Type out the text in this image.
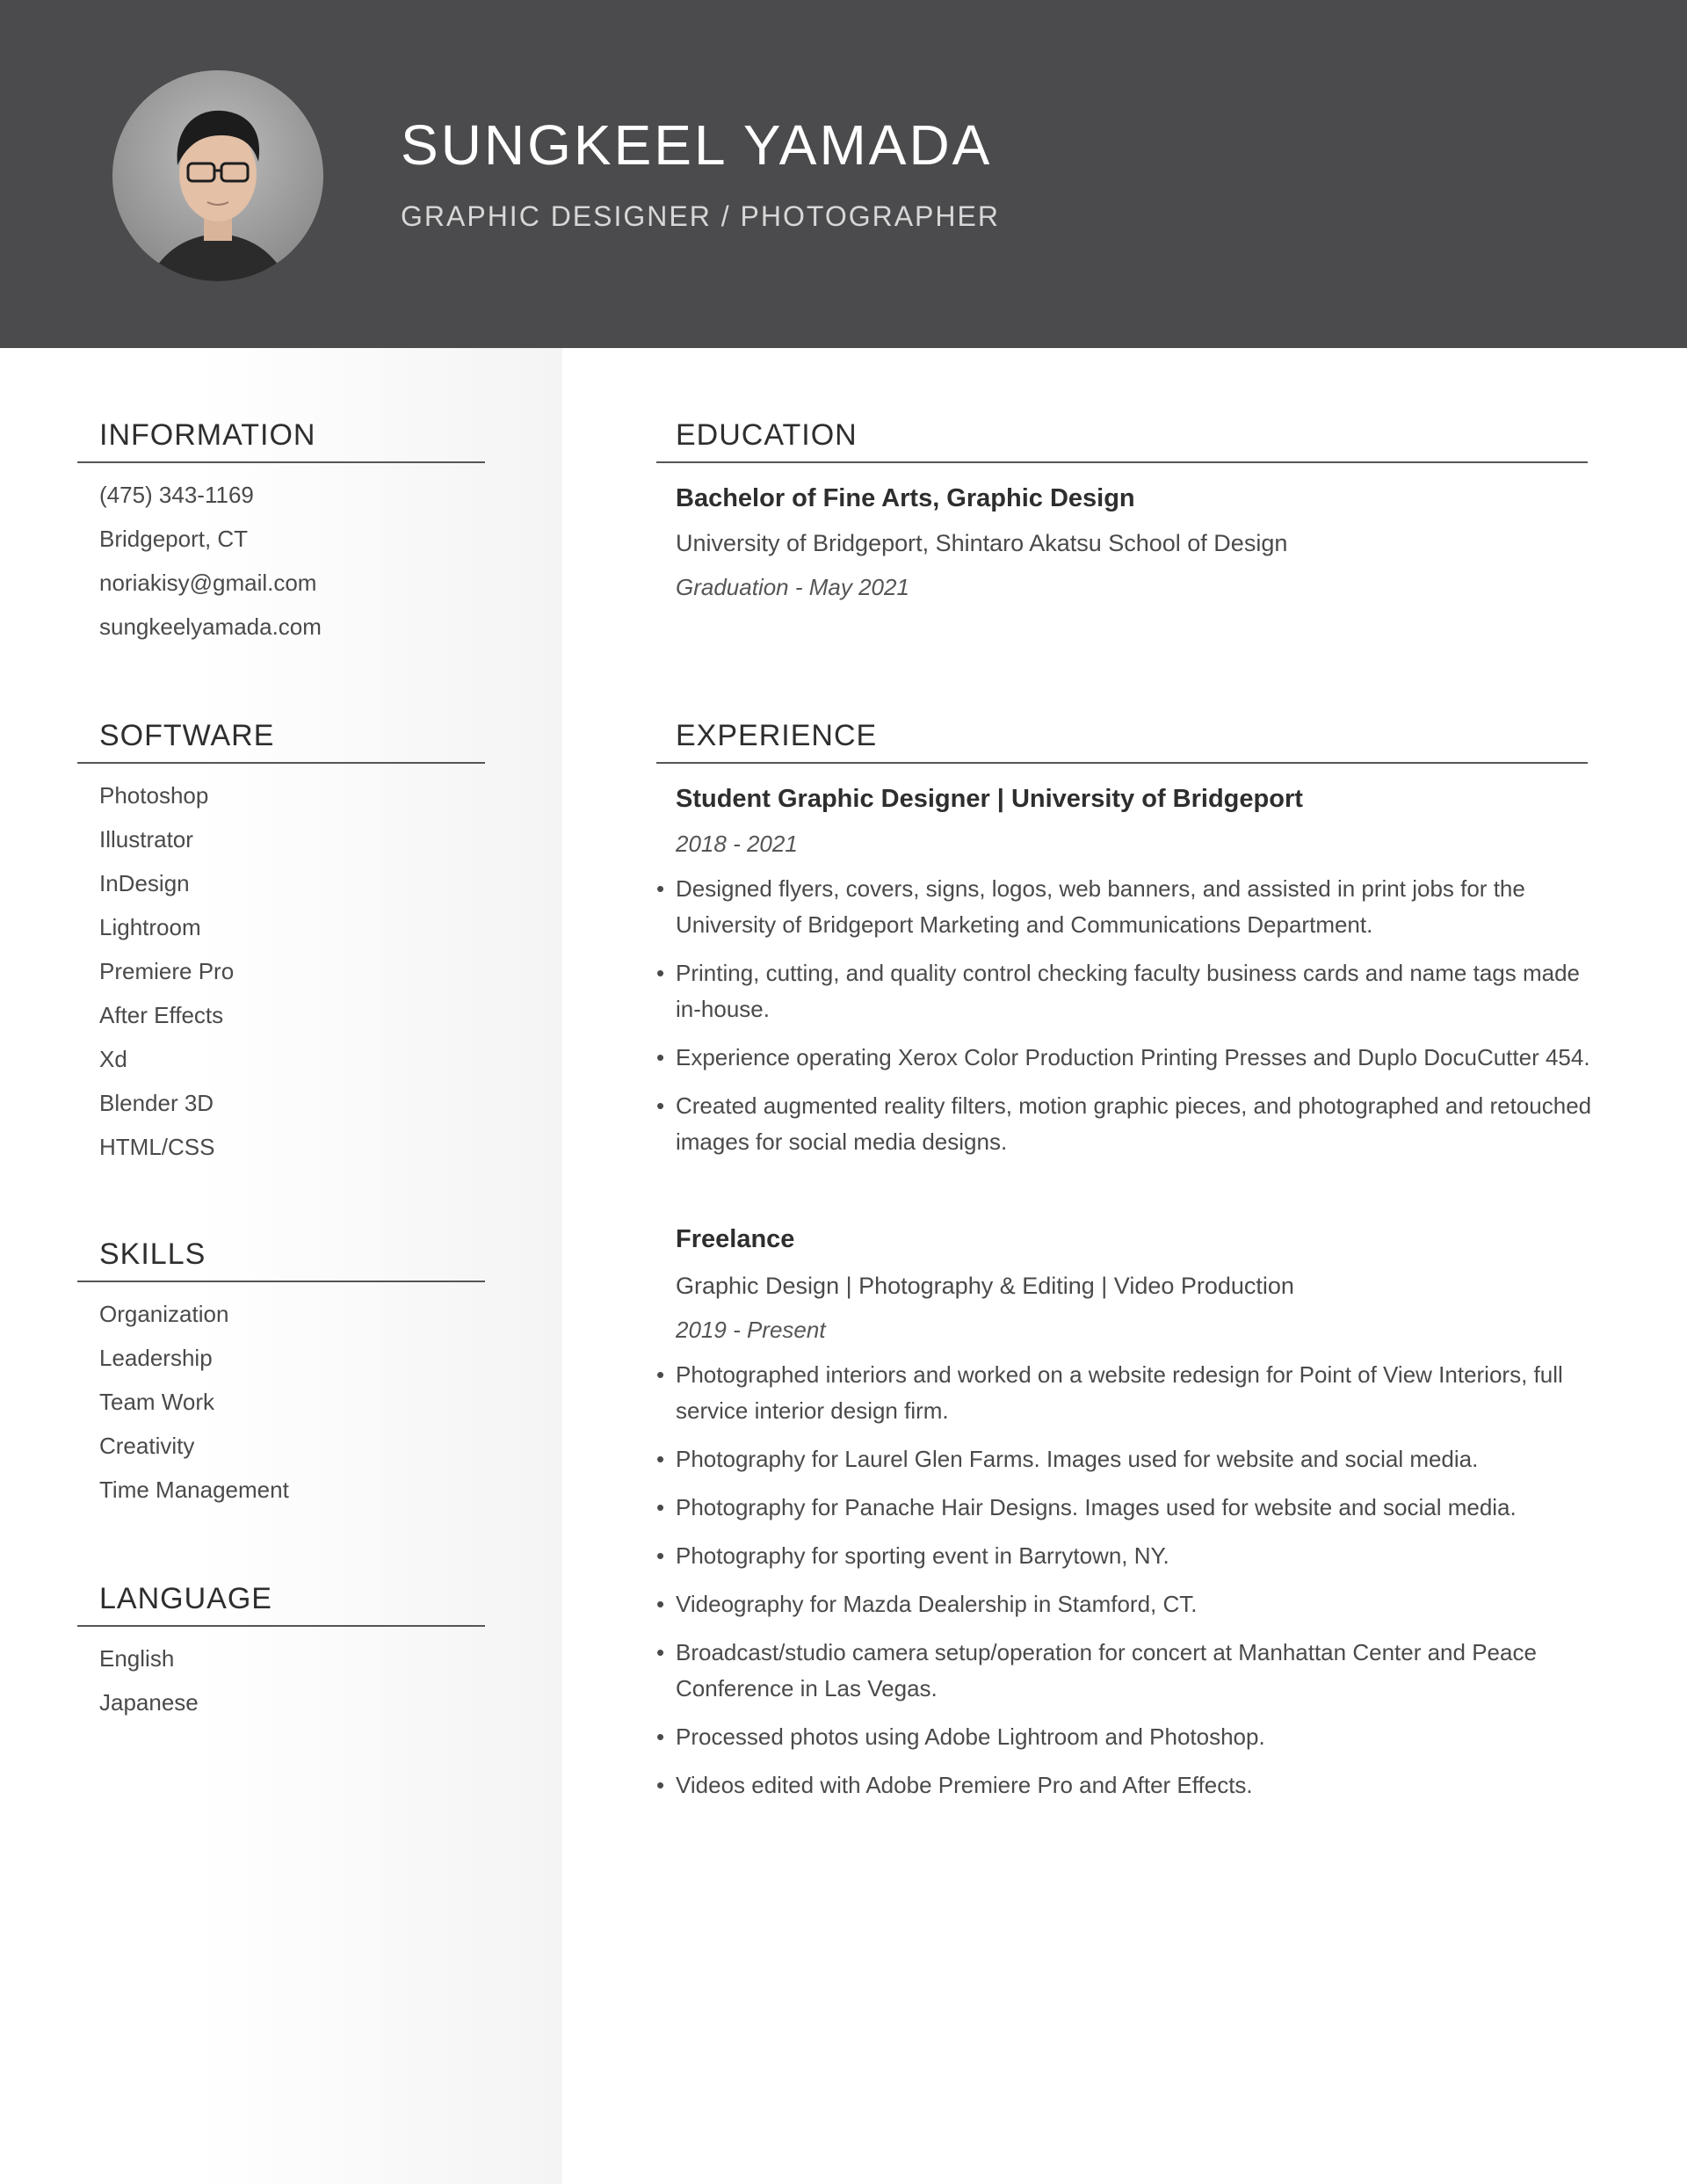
SUNGKEEL YAMADA
GRAPHIC DESIGNER / PHOTOGRAPHER
INFORMATION
(475) 343-1169
Bridgeport, CT
noriakisy@gmail.com
sungkeelyamada.com
SOFTWARE
Photoshop
Illustrator
InDesign
Lightroom
Premiere Pro
After Effects
Xd
Blender 3D
HTML/CSS
SKILLS
Organization
Leadership
Team Work
Creativity
Time Management
LANGUAGE
English
Japanese
EDUCATION
Bachelor of Fine Arts, Graphic Design
University of Bridgeport, Shintaro Akatsu School of Design
Graduation - May 2021
EXPERIENCE
Student Graphic Designer | University of Bridgeport
2018 - 2021
• Designed flyers, covers, signs, logos, web banners, and assisted in print jobs for the University of Bridgeport Marketing and Communications Department.
• Printing, cutting, and quality control checking faculty business cards and name tags made in-house.
• Experience operating Xerox Color Production Printing Presses and Duplo DocuCutter 454.
• Created augmented reality filters, motion graphic pieces, and photographed and retouched images for social media designs.
Freelance
Graphic Design | Photography & Editing | Video Production
2019 - Present
• Photographed interiors and worked on a website redesign for Point of View Interiors, full service interior design firm.
• Photography for Laurel Glen Farms. Images used for website and social media.
• Photography for Panache Hair Designs. Images used for website and social media.
• Photography for sporting event in Barrytown, NY.
• Videography for Mazda Dealership in Stamford, CT.
• Broadcast/studio camera setup/operation for concert at Manhattan Center and Peace Conference in Las Vegas.
• Processed photos using Adobe Lightroom and Photoshop.
• Videos edited with Adobe Premiere Pro and After Effects.
